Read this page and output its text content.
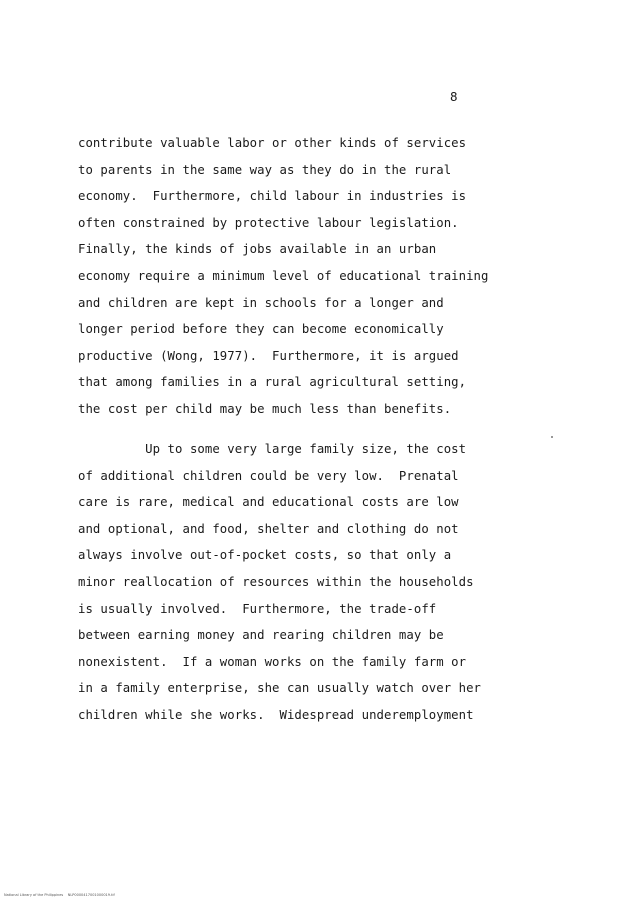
8

contribute valuable labor or other kinds of services
to parents in the same way as they do in the rural
economy.  Furthermore, child labour in industries is
often constrained by protective labour legislation.
Finally, the kinds of jobs available in an urban
economy require a minimum level of educational training
and children are kept in schools for a longer and
longer period before they can become economically
productive (Wong, 1977).  Furthermore, it is argued
that among families in a rural agricultural setting,
the cost per child may be much less than benefits.

Up to some very large family size, the cost
of additional children could be very low.  Prenatal
care is rare, medical and educational costs are low
and optional, and food, shelter and clothing do not
always involve out-of-pocket costs, so that only a
minor reallocation of resources within the households
is usually involved.  Furthermore, the trade-off
between earning money and rearing children may be
nonexistent.  If a woman works on the family farm or
in a family enterprise, she can usually watch over her
children while she works.  Widespread underemployment

National Library of the Philippines    NLP0000417001000019.tif
